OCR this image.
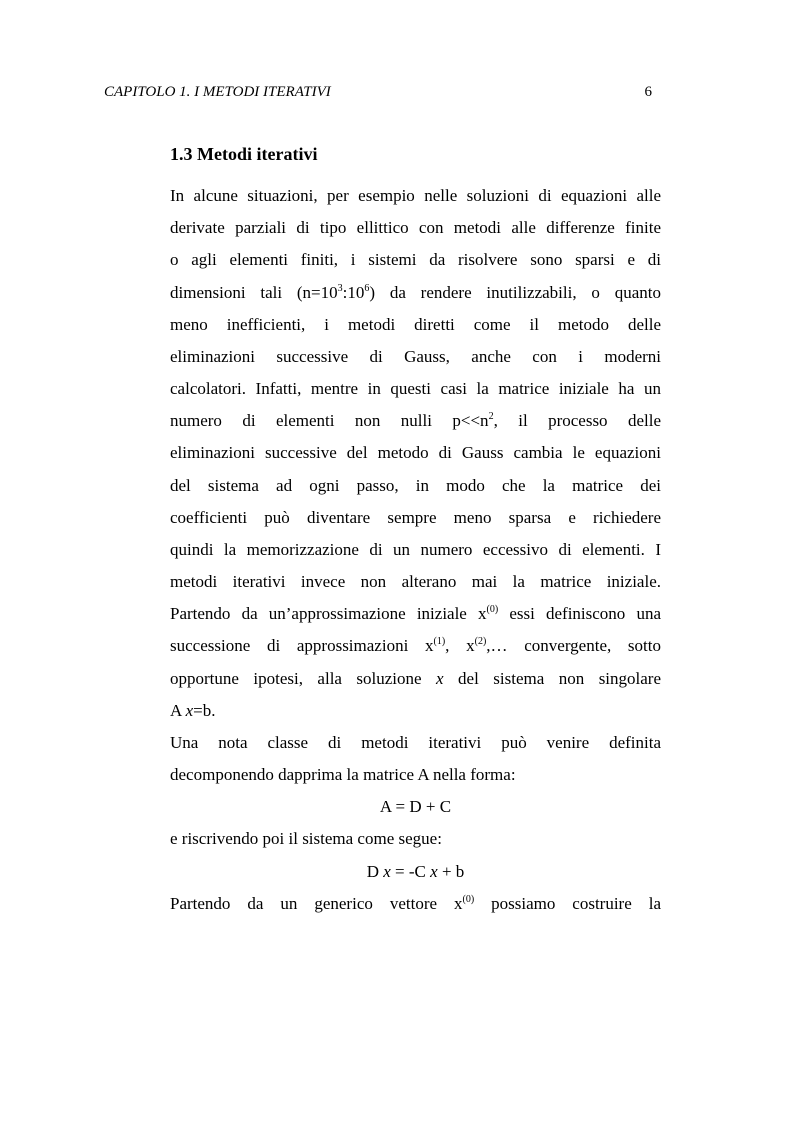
CAPITOLO 1. I METODI ITERATIVI	6
1.3 Metodi iterativi
In alcune situazioni, per esempio nelle soluzioni di equazioni alle
derivate parziali di tipo ellittico con metodi alle differenze finite
o agli elementi finiti, i sistemi da risolvere sono sparsi e di
dimensioni tali $(n=10^3:10^6)$ da rendere inutilizzabili, o quanto
meno inefficienti, i metodi diretti come il metodo delle
eliminazioni successive di Gauss, anche con i moderni
calcolatori. Infatti, mentre in questi casi la matrice iniziale ha un
numero di elementi non nulli $p<<n^2$, il processo delle
eliminazioni successive del metodo di Gauss cambia le equazioni
del sistema ad ogni passo, in modo che la matrice dei
coefficienti può diventare sempre meno sparsa e richiedere
quindi la memorizzazione di un numero eccessivo di elementi. I
metodi iterativi invece non alterano mai la matrice iniziale.
Partendo da un’approssimazione iniziale $x^{(0)}$ essi definiscono una
successione di approssimazioni $x^{(1)}$, $x^{(2)},\dots$ convergente, sotto
opportune ipotesi, alla soluzione x del sistema non singolare
A x=b.
Una nota classe di metodi iterativi può venire definita
decomponendo dapprima la matrice A nella forma:
A = D + C
e riscrivendo poi il sistema come segue:
D x = -C x + b
Partendo da un generico vettore $x^{(0)}$ possiamo costruire la
